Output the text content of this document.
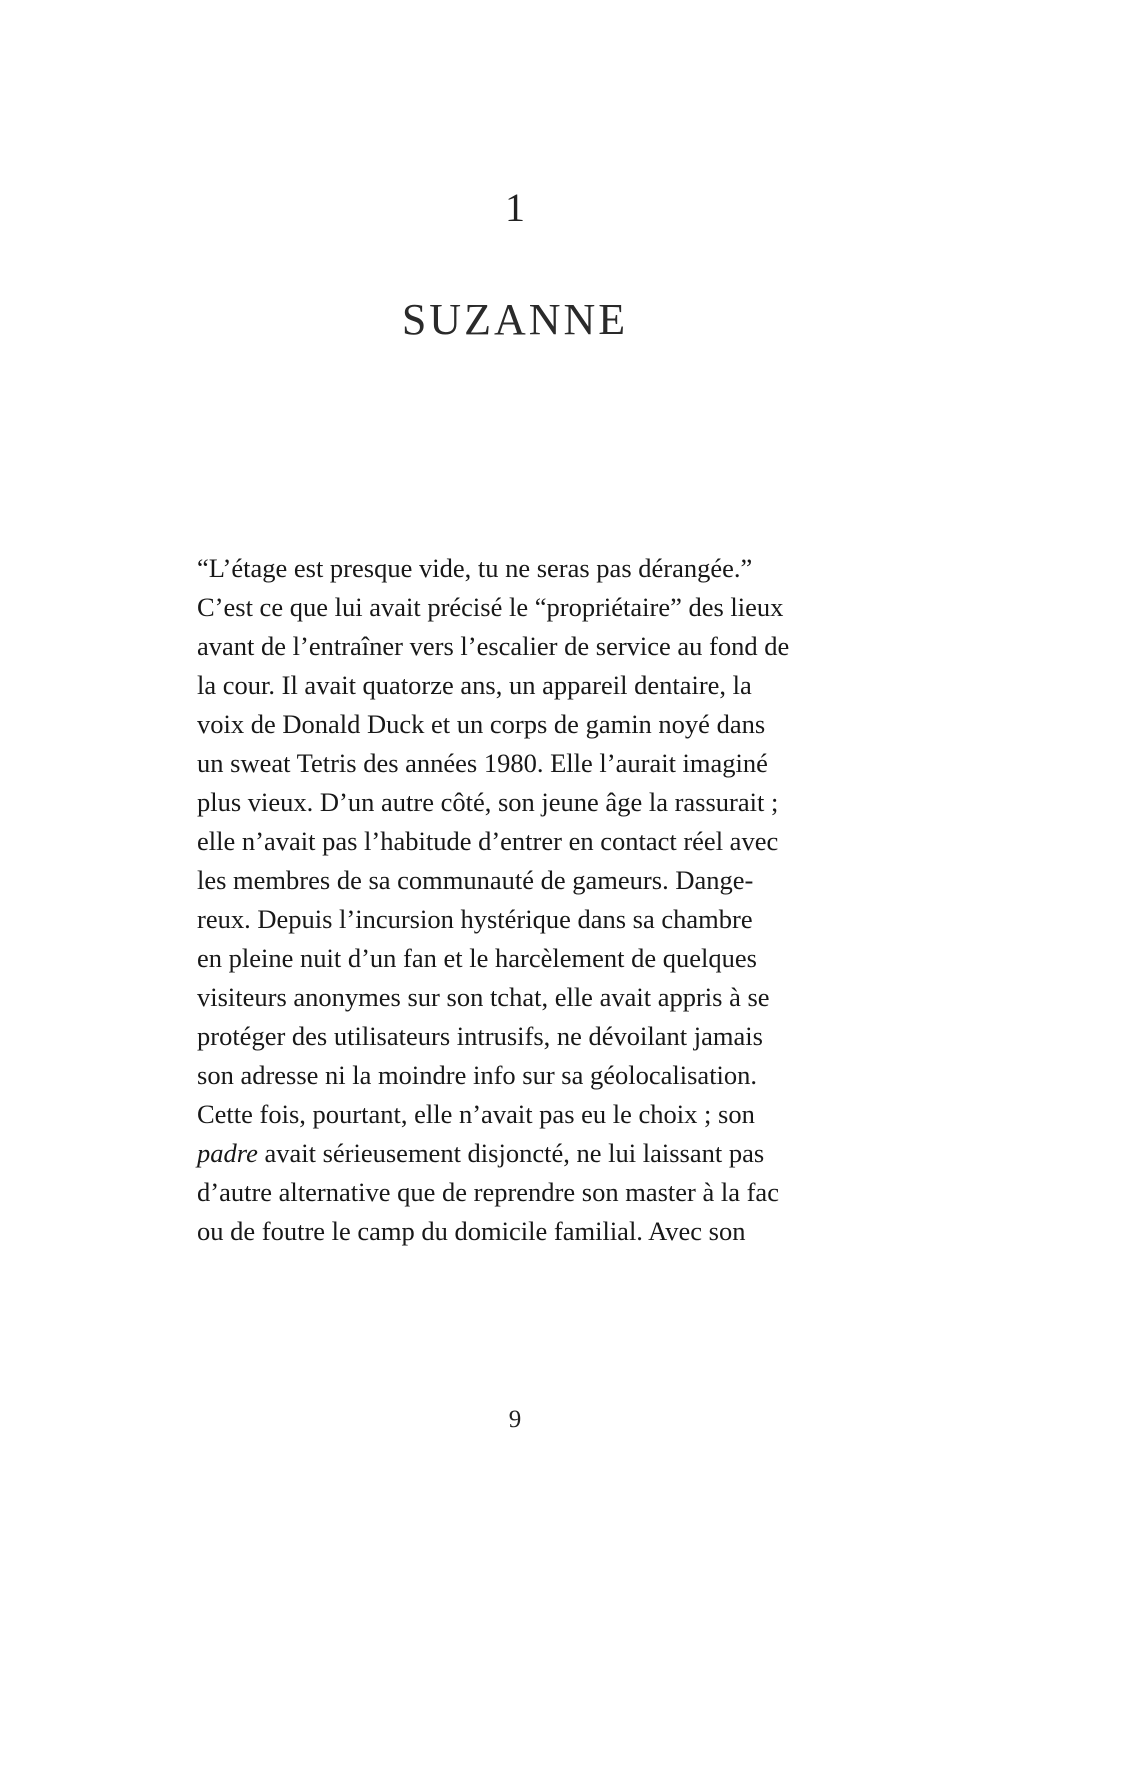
1
SUZANNE
“L’étage est presque vide, tu ne seras pas dérangée.”
C’est ce que lui avait précisé le “propriétaire” des lieux
avant de l’entraîner vers l’escalier de service au fond de
la cour. Il avait quatorze ans, un appareil dentaire, la
voix de Donald Duck et un corps de gamin noyé dans
un sweat Tetris des années 1980. Elle l’aurait imaginé
plus vieux. D’un autre côté, son jeune âge la rassurait ;
elle n’avait pas l’habitude d’entrer en contact réel avec
les membres de sa communauté de gameurs. Dange-
reux. Depuis l’incursion hystérique dans sa chambre
en pleine nuit d’un fan et le harcèlement de quelques
visiteurs anonymes sur son tchat, elle avait appris à se
protéger des utilisateurs intrusifs, ne dévoilant jamais
son adresse ni la moindre info sur sa géolocalisation.
Cette fois, pourtant, elle n’avait pas eu le choix ; son
padre avait sérieusement disjoncté, ne lui laissant pas
d’autre alternative que de reprendre son master à la fac
ou de foutre le camp du domicile familial. Avec son
9
